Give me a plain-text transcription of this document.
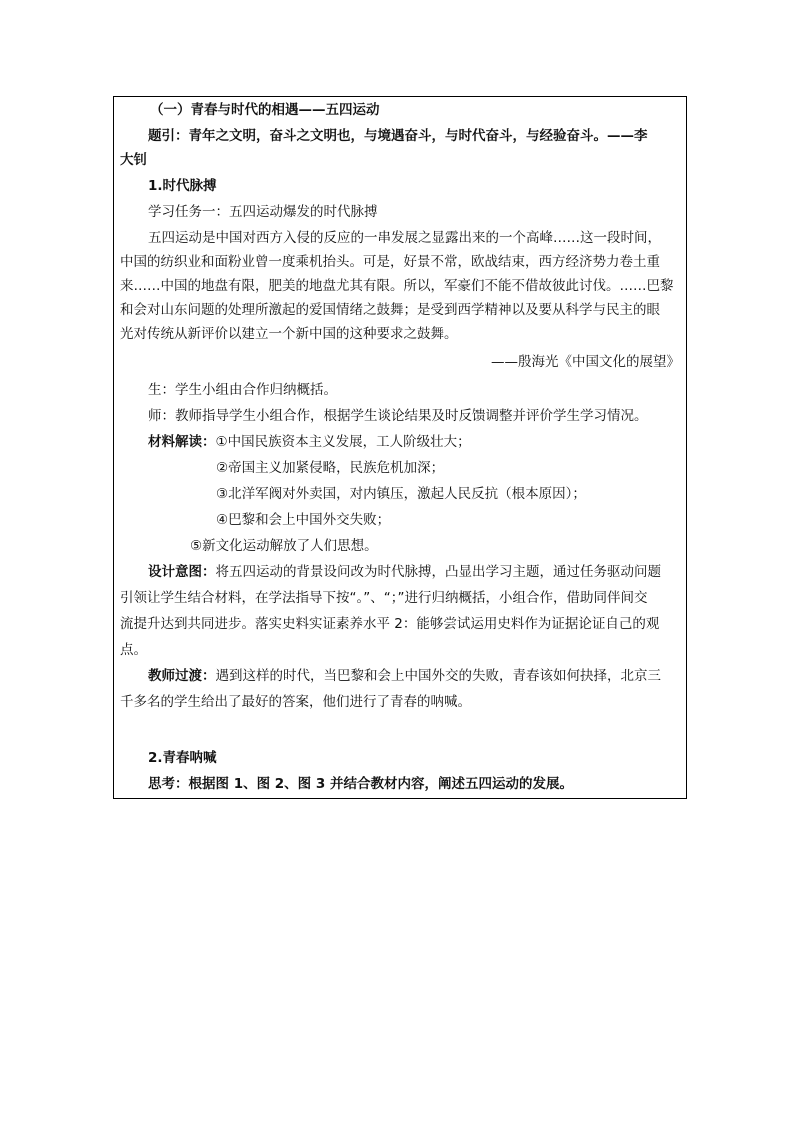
（一）青春与时代的相遇——五四运动
题引：青年之文明，奋斗之文明也，与境遇奋斗，与时代奋斗，与经验奋斗。——李
大钊
1.时代脉搏
学习任务一：五四运动爆发的时代脉搏
五四运动是中国对西方入侵的反应的一串发展之显露出来的一个高峰……这一段时间，
中国的纺织业和面粉业曾一度乘机抬头。可是，好景不常，欧战结束，西方经济势力卷土重
来……中国的地盘有限，肥美的地盘尤其有限。所以，军豪们不能不借故彼此讨伐。……巴黎
和会对山东问题的处理所激起的爱国情绪之鼓舞；是受到西学精神以及要从科学与民主的眼
光对传统从新评价以建立一个新中国的这种要求之鼓舞。
——殷海光《中国文化的展望》
生：学生小组由合作归纳概括。
师：教师指导学生小组合作，根据学生谈论结果及时反馈调整并评价学生学习情况。
材料解读：①中国民族资本主义发展，工人阶级壮大；
②帝国主义加紧侵略，民族危机加深；
③北洋军阀对外卖国，对内镇压，激起人民反抗（根本原因）；
④巴黎和会上中国外交失败；
⑤新文化运动解放了人们思想。
设计意图：将五四运动的背景设问改为时代脉搏，凸显出学习主题，通过任务驱动问题
引领让学生结合材料，在学法指导下按“。”、“；”进行归纳概括，小组合作，借助同伴间交
流提升达到共同进步。落实史料实证素养水平 2：能够尝试运用史料作为证据论证自己的观
点。
教师过渡：遇到这样的时代，当巴黎和会上中国外交的失败，青春该如何抉择，北京三
千多名的学生给出了最好的答案，他们进行了青春的呐喊。
2.青春呐喊
思考：根据图 1、图 2、图 3 并结合教材内容，阐述五四运动的发展。
